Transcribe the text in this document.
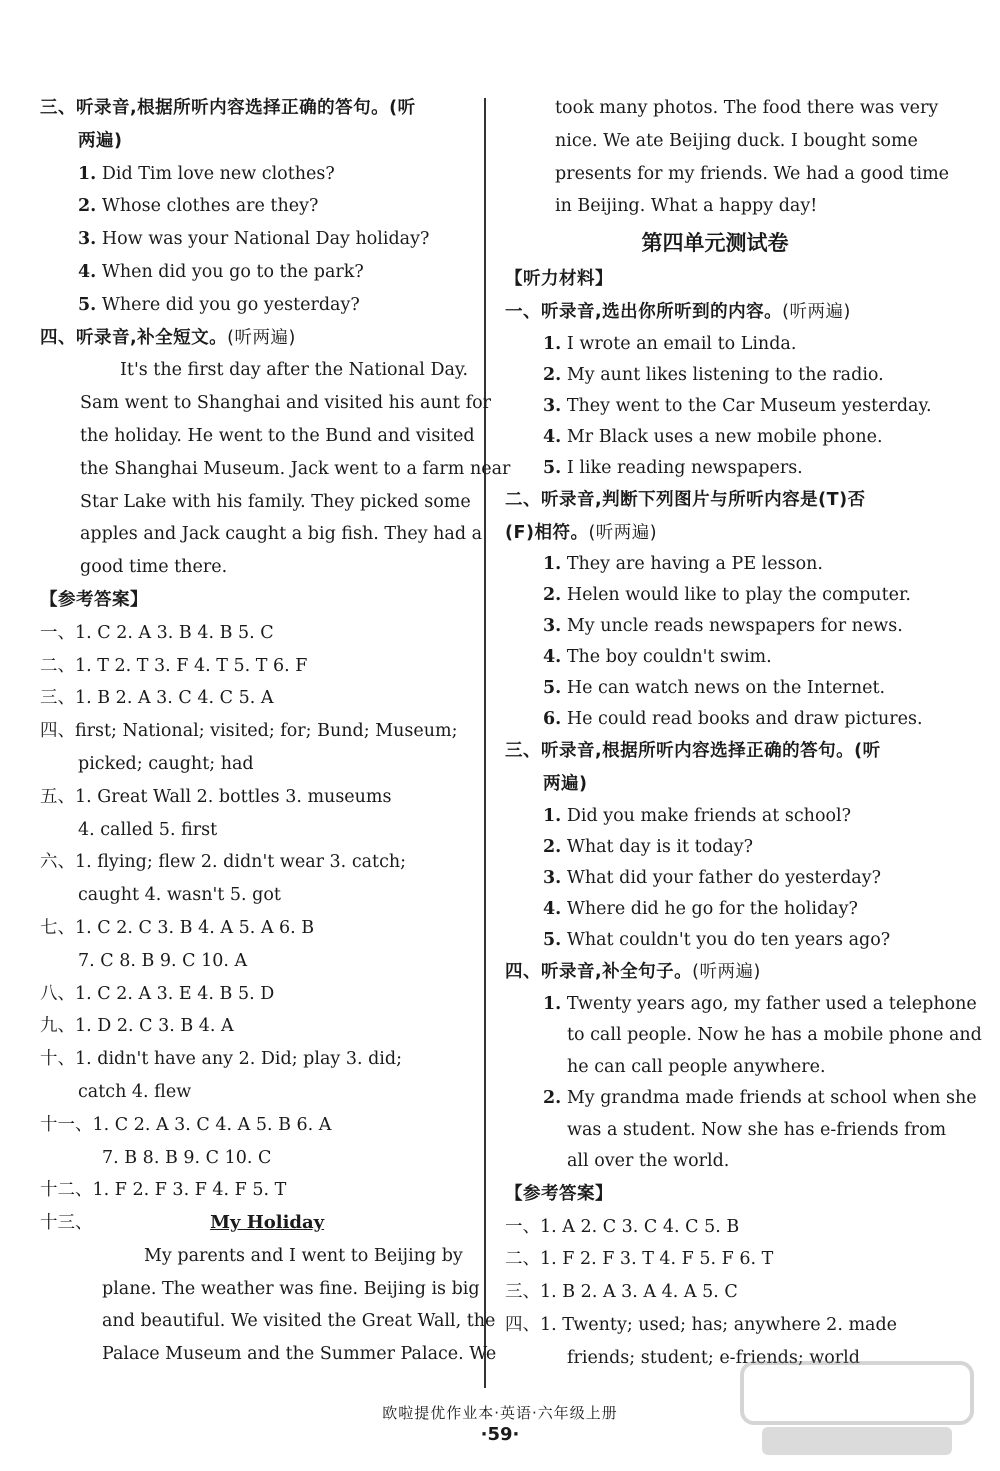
三、听录音,根据所听内容选择正确的答句。(听
两遍)
1. Did Tim love new clothes?
2. Whose clothes are they?
3. How was your National Day holiday?
4. When did you go to the park?
5. Where did you go yesterday?
四、听录音,补全短文。(听两遍)
It's the first day after the National Day.
Sam went to Shanghai and visited his aunt for
the holiday. He went to the Bund and visited
the Shanghai Museum. Jack went to a farm near
Star Lake with his family. They picked some
apples and Jack caught a big fish. They had a
good time there.
【参考答案】
一、1. C 2. A 3. B 4. B 5. C
二、1. T 2. T 3. F 4. T 5. T 6. F
三、1. B 2. A 3. C 4. C 5. A
四、first; National; visited; for; Bund; Museum;
picked; caught; had
五、1. Great Wall 2. bottles 3. museums
4. called 5. first
六、1. flying; flew 2. didn't wear 3. catch;
caught 4. wasn't 5. got
七、1. C 2. C 3. B 4. A 5. A 6. B
7. C 8. B 9. C 10. A
八、1. C 2. A 3. E 4. B 5. D
九、1. D 2. C 3. B 4. A
十、1. didn't have any 2. Did; play 3. did;
catch 4. flew
十一、1. C 2. A 3. C 4. A 5. B 6. A
7. B 8. B 9. C 10. C
十二、1. F 2. F 3. F 4. F 5. T
十三、	My Holiday
My parents and I went to Beijing by
plane. The weather was fine. Beijing is big
and beautiful. We visited the Great Wall, the
Palace Museum and the Summer Palace. We
took many photos. The food there was very
nice. We ate Beijing duck. I bought some
presents for my friends. We had a good time
in Beijing. What a happy day!
第四单元测试卷
【听力材料】
一、听录音,选出你所听到的内容。(听两遍)
1. I wrote an email to Linda.
2. My aunt likes listening to the radio.
3. They went to the Car Museum yesterday.
4. Mr Black uses a new mobile phone.
5. I like reading newspapers.
二、听录音,判断下列图片与所听内容是(T)否
(F)相符。(听两遍)
1. They are having a PE lesson.
2. Helen would like to play the computer.
3. My uncle reads newspapers for news.
4. The boy couldn't swim.
5. He can watch news on the Internet.
6. He could read books and draw pictures.
三、听录音,根据所听内容选择正确的答句。(听
两遍)
1. Did you make friends at school?
2. What day is it today?
3. What did your father do yesterday?
4. Where did he go for the holiday?
5. What couldn't you do ten years ago?
四、听录音,补全句子。(听两遍)
1. Twenty years ago, my father used a telephone
to call people. Now he has a mobile phone and
he can call people anywhere.
2. My grandma made friends at school when she
was a student. Now she has e-friends from
all over the world.
【参考答案】
一、1. A 2. C 3. C 4. C 5. B
二、1. F 2. F 3. T 4. F 5. F 6. T
三、1. B 2. A 3. A 4. A 5. C
四、1. Twenty; used; has; anywhere 2. made
friends; student; e-friends; world
欧啦提优作业本·英语·六年级上册
·59·
